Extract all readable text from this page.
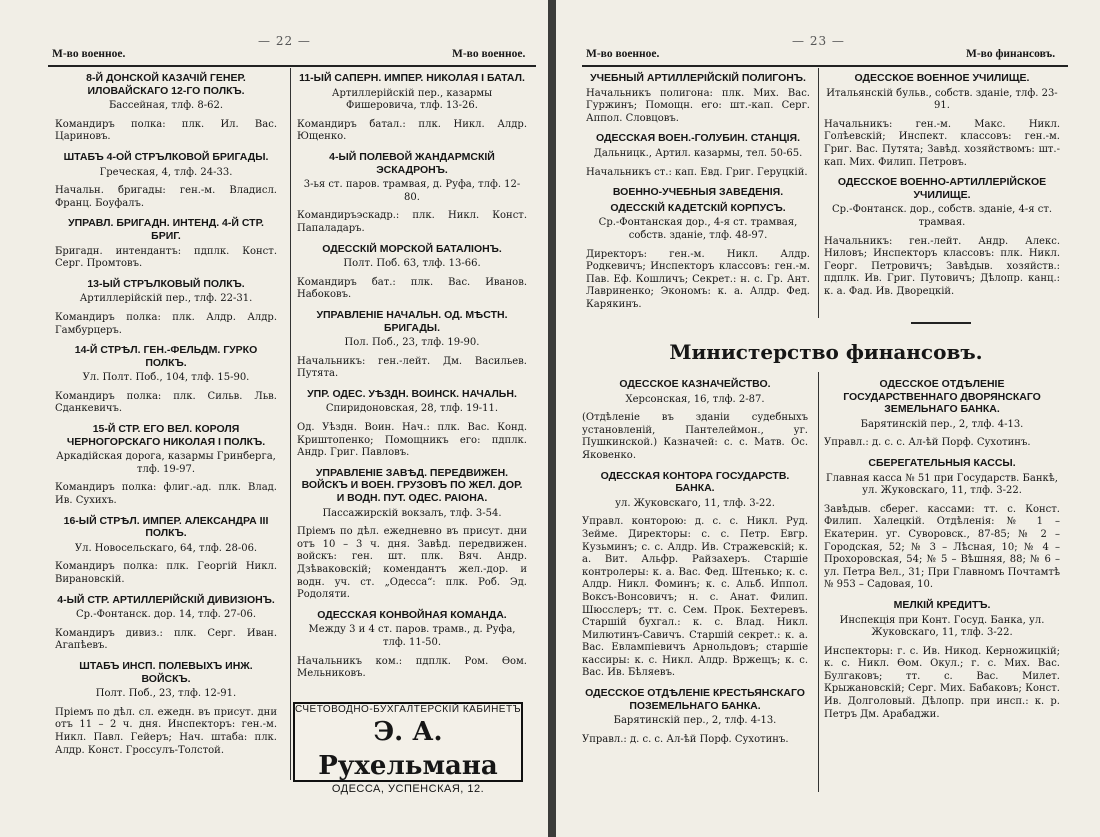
— 22 —
М-во военное.	М-во военное.
8-Й ДОНСКОЙ КАЗАЧIЙ ГЕНЕР. ИЛОВАЙСКАГО 12-ГО ПОЛКЪ.
Бассейная, тлф. 8-62.
Командиръ полка: плк. Ил. Вас. Цариновъ.
ШТАБЪ 4-ОЙ СТРЪЛКОВОЙ БРИГАДЫ.
Греческая, 4, тлф. 24-33.
Начальн. бригады: ген.-м. Владисл. Франц. Боуфалъ.
УПРАВЛ. БРИГАДН. ИНТЕНД. 4-Й СТР. БРИГ.
Бригадн. интендантъ: пдплк. Конст. Серг. Промтовъ.
13-ЫЙ СТРЪЛКОВЫЙ ПОЛКЪ.
Артиллерiйскiй пер., тлф. 22-31.
Командиръ полка: плк. Алдр. Алдр. Гамбурцеръ.
14-Й СТРѢЛ. ГЕН.-ФЕЛЬДМ. ГУРКО ПОЛКЪ.
Ул. Полт. Поб., 104, тлф. 15-90.
Командиръ полка: плк. Сильв. Льв. Сданкевичъ.
15-Й СТР. ЕГО ВЕЛ. КОРОЛЯ ЧЕРНОГОРСКАГО НИКОЛАЯ I ПОЛКЪ.
Аркадiйская дорога, казармы Гринберга, тлф. 19-97.
Командиръ полка: флиг.-ад. плк. Влад. Ив. Сухихъ.
16-ЫЙ СТРѢЛ. ИМПЕР. АЛЕКСАНДРА III ПОЛКЪ.
Ул. Новосельскаго, 64, тлф. 28-06.
Командиръ полка: плк. Георгiй Никл. Вирановскiй.
4-ЫЙ СТР. АРТИЛЛЕРIЙСКIЙ ДИВИЗIОНЪ.
Ср.-Фонтанск. дор. 14, тлф. 27-06.
Командиръ дивиз.: плк. Серг. Иван. Агапѣевъ.
ШТАБЪ ИНСП. ПОЛЕВЫХЪ ИНЖ. ВОЙСКЪ.
Полт. Поб., 23, тлф. 12-91.
Прiемъ по дѣл. сл. ежедн. въ присут. дни отъ 11 – 2 ч. дня. Инспекторъ: ген.-м. Никл. Павл. Гейеръ; Нач. штаба: плк. Алдр. Конст. Гросcулъ-Толстой.
11-ЫЙ САПЕРН. ИМПЕР. НИКОЛАЯ I БАТАЛ.
Артиллерiйскiй пер., казармы Фишеровича, тлф. 13-26.
Командиръ батал.: плк. Никл. Алдр. Ющенко.
4-ЫЙ ПОЛЕВОЙ ЖАНДАРМСКIЙ ЭСКАДРОНЪ.
3-ья ст. паров. трамвая, д. Руфа, тлф. 12-80.
Командиръэскадр.: плк. Никл. Конст. Папаладаръ.
ОДЕССКIЙ МОРСКОЙ БАТАЛIОНЪ.
Полт. Поб. 63, тлф. 13-66.
Командиръ бат.: плк. Вас. Иванов. Набоковъ.
УПРАВЛЕНIЕ НАЧАЛЬН. ОД. МѢСТН. БРИГАДЫ.
Пол. Поб., 23, тлф. 19-90.
Начальникъ: ген.-лейт. Дм. Васильев. Путята.
УПР. ОДЕС. УѢЗДН. ВОИНСК. НАЧАЛЬН.
Спиридоновская, 28, тлф. 19-11.
Од. Уѣздн. Воин. Нач.: плк. Вас. Конд. Криштопенко; Помощникъ его: пдплк. Андр. Григ. Павловъ.
УПРАВЛЕНIЕ ЗАВѢД. ПЕРЕДВИЖЕН. ВОЙСКЪ И ВОЕН. ГРУЗОВЪ ПО ЖЕЛ. ДОР. И ВОДН. ПУТ. ОДЕС. РАIОНА.
Пассажирскiй вокзалъ, тлф. 3-54.
Прiемъ по дѣл. ежедневно въ присут. дни отъ 10 – 3 ч. дня. Завѣд. передвижен. войскъ: ген. шт. плк. Вяч. Андр. Дзѣваковскiй; комендантъ жел.-дор. и водн. уч. ст. „Одесса“: плк. Роб. Эд. Родоляти.
ОДЕССКАЯ КОНВОЙНАЯ КОМАНДА.
Между 3 и 4 ст. паров. трамв., д. Руфа, тлф. 11-50.
Начальникъ ком.: пдплк. Ром. Ѳом. Мельниковъ.
СЧЕТОВОДНО-БУХГАЛТЕРСКIЙ КАБИНЕТЪ
Э. А. Рухельмана
ОДЕССА, УСПЕНСКАЯ, 12.
— 23 —
М-во военное.	М-во финансовъ.
УЧЕБНЫЙ АРТИЛЛЕРIЙСКIЙ ПОЛИГОНЪ.
Начальникъ полигона: плк. Мих. Вас. Гуржинъ; Помощн. его: шт.-кап. Серг. Аппол. Словцовъ.
ОДЕССКАЯ ВОЕН.-ГОЛУБИН. СТАНЦIЯ.
Дальницк., Артил. казармы, тел. 50-65.
Начальникъ ст.: кап. Евд. Григ. Геруцкiй.
ВОЕННО-УЧЕБНЫЯ ЗАВЕДЕНIЯ.
ОДЕССКIЙ КАДЕТСКIЙ КОРПУСЪ.
Ср.-Фонтанская дор., 4-я ст. трамвая, собств. зданiе, тлф. 48-97.
Директоръ: ген.-м. Никл. Алдр. Родкевичъ; Инспекторъ классовъ: ген.-м. Пав. Еф. Кошличъ; Секрет.: н. с. Гр. Ант. Лавриненко; Экономъ: к. а. Алдр. Фед. Карякинъ.
ОДЕССКОЕ ВОЕННОЕ УЧИЛИЩЕ.
Итальянскiй бульв., собств. зданiе, тлф. 23-91.
Начальникъ: ген.-м. Макс. Никл. Голѣевскiй; Инспект. классовъ: ген.-м. Григ. Вас. Путята; Завѣд. хозяйствомъ: шт.-кап. Мих. Филип. Петровъ.
ОДЕССКОЕ ВОЕННО-АРТИЛЛЕРIЙСКОЕ УЧИЛИЩЕ.
Ср.-Фонтанск. дор., собств. зданiе, 4-я ст. трамвая.
Начальникъ: ген.-лейт. Андр. Алекс. Ниловъ; Инспекторъ классовъ: плк. Никл. Георг. Петровичъ; Завѣдыв. хозяйств.: пдплк. Ив. Григ. Путовичъ; Дѣлопр. канц.: к. а. Фад. Ив. Дворецкiй.
Министерство финансовъ.
ОДЕССКОЕ КАЗНАЧЕЙСТВО.
Херсонская, 16, тлф. 2-87.
(Отдѣленiе въ зданiи судебныхъ установленiй, Пантелеймон., уг. Пушкинской.) Казначей: с. с. Матв. Ос. Яковенко.
ОДЕССКАЯ КОНТОРА ГОСУДАРСТВ. БАНКА.
ул. Жуковскаго, 11, тлф. 3-22.
Управл. конторою: д. с. с. Никл. Руд. Зейме. Директоры: с. с. Петр. Евгр. Кузьминъ; с. с. Алдр. Ив. Стражевскiй; к. а. Вит. Альфр. Райзахеръ. Старшiе контролеры: к. а. Вас. Фед. Штенько; к. с. Алдр. Никл. Фоминъ; к. с. Альб. Иппол. Воксъ-Вонсовичъ; н. с. Анат. Филип. Шюсслеръ; тт. с. Сем. Прок. Бехтеревъ. Старшiй бухгал.: к. с. Влад. Никл. Милютинъ-Савичъ. Старшiй секрет.: к. а. Вас. Евлампiевичъ Арнольдовъ; старшiе кассиры: к. с. Никл. Алдр. Вржещъ; к. с. Вас. Ив. Бѣляевъ.
ОДЕССКОЕ ОТДѢЛЕНIЕ КРЕСТЬЯНСКАГО ПОЗЕМЕЛЬНАГО БАНКА.
Барятинскiй пер., 2, тлф. 4-13.
Управл.: д. с. с. Ал-ѣй Порф. Сухотинъ.
ОДЕССКОЕ ОТДѢЛЕНIЕ ГОСУДАРСТВЕННАГО ДВОРЯНСКАГО ЗЕМЕЛЬНАГО БАНКА.
Барятинскiй пер., 2, тлф. 4-13.
Управл.: д. с. с. Ал-ѣй Порф. Сухотинъ.
СБЕРЕГАТЕЛЬНЫЯ КАССЫ.
Главная касса № 51 при Государств. Банкѣ, ул. Жуковскаго, 11, тлф. 3-22.
Завѣдыв. сберег. кассами: тт. с. Конст. Филип. Халецкiй. Отдѣленiя: № 1 – Екатерин. уг. Суворовск., 87-85; № 2 – Городская, 52; № 3 – Лѣсная, 10; № 4 – Прохоровская, 54; № 5 – Вѣшняя, 88; № 6 – ул. Петра Вел., 31; При Главномъ Почтамтѣ № 953 – Садовая, 10.
МЕЛКIЙ КРЕДИТЪ.
Инспекцiя при Конт. Госуд. Банка, ул. Жуковскаго, 11, тлф. 3-22.
Инспекторы: г. с. Ив. Никод. Керножицкiй; к. с. Никл. Ѳом. Окул.; г. с. Мих. Вас. Булгаковъ; тт. с. Вас. Милет. Крыжановскiй; Серг. Мих. Бабаковъ; Конст. Ив. Долголовый. Дѣлопр. при инсп.: к. р. Петръ Дм. Арабаджи.
